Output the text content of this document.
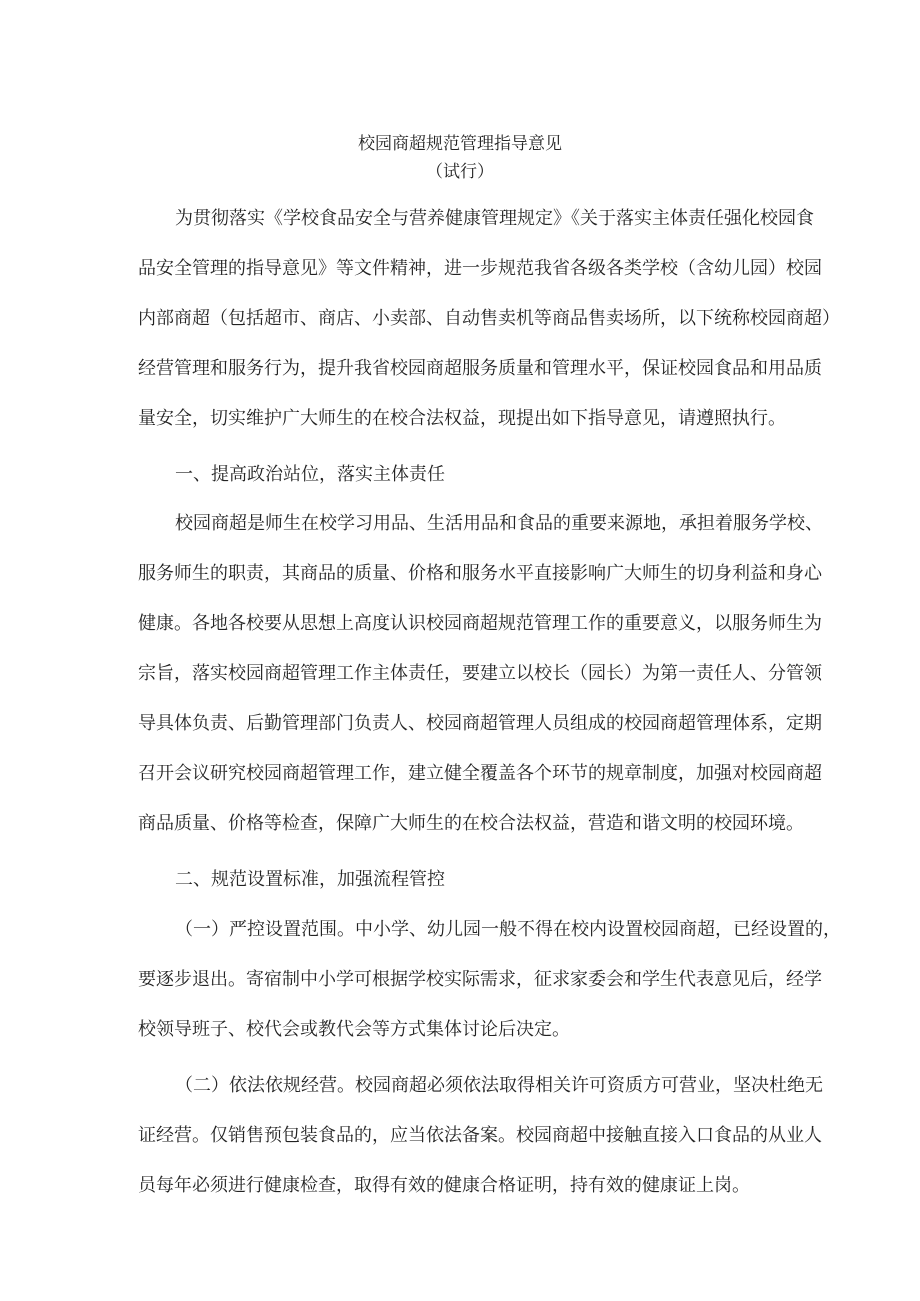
校园商超规范管理指导意见
（试行）
为贯彻落实《学校食品安全与营养健康管理规定》《关于落实主体责任强化校园食
品安全管理的指导意见》等文件精神，进一步规范我省各级各类学校（含幼儿园）校园
内部商超（包括超市、商店、小卖部、自动售卖机等商品售卖场所，以下统称校园商超）
经营管理和服务行为，提升我省校园商超服务质量和管理水平，保证校园食品和用品质
量安全，切实维护广大师生的在校合法权益，现提出如下指导意见，请遵照执行。
一、提高政治站位，落实主体责任
校园商超是师生在校学习用品、生活用品和食品的重要来源地，承担着服务学校、
服务师生的职责，其商品的质量、价格和服务水平直接影响广大师生的切身利益和身心
健康。各地各校要从思想上高度认识校园商超规范管理工作的重要意义，以服务师生为
宗旨，落实校园商超管理工作主体责任，要建立以校长（园长）为第一责任人、分管领
导具体负责、后勤管理部门负责人、校园商超管理人员组成的校园商超管理体系，定期
召开会议研究校园商超管理工作，建立健全覆盖各个环节的规章制度，加强对校园商超
商品质量、价格等检查，保障广大师生的在校合法权益，营造和谐文明的校园环境。
二、规范设置标准，加强流程管控
（一）严控设置范围。中小学、幼儿园一般不得在校内设置校园商超，已经设置的，
要逐步退出。寄宿制中小学可根据学校实际需求，征求家委会和学生代表意见后，经学
校领导班子、校代会或教代会等方式集体讨论后决定。
（二）依法依规经营。校园商超必须依法取得相关许可资质方可营业，坚决杜绝无
证经营。仅销售预包装食品的，应当依法备案。校园商超中接触直接入口食品的从业人
员每年必须进行健康检查，取得有效的健康合格证明，持有效的健康证上岗。
